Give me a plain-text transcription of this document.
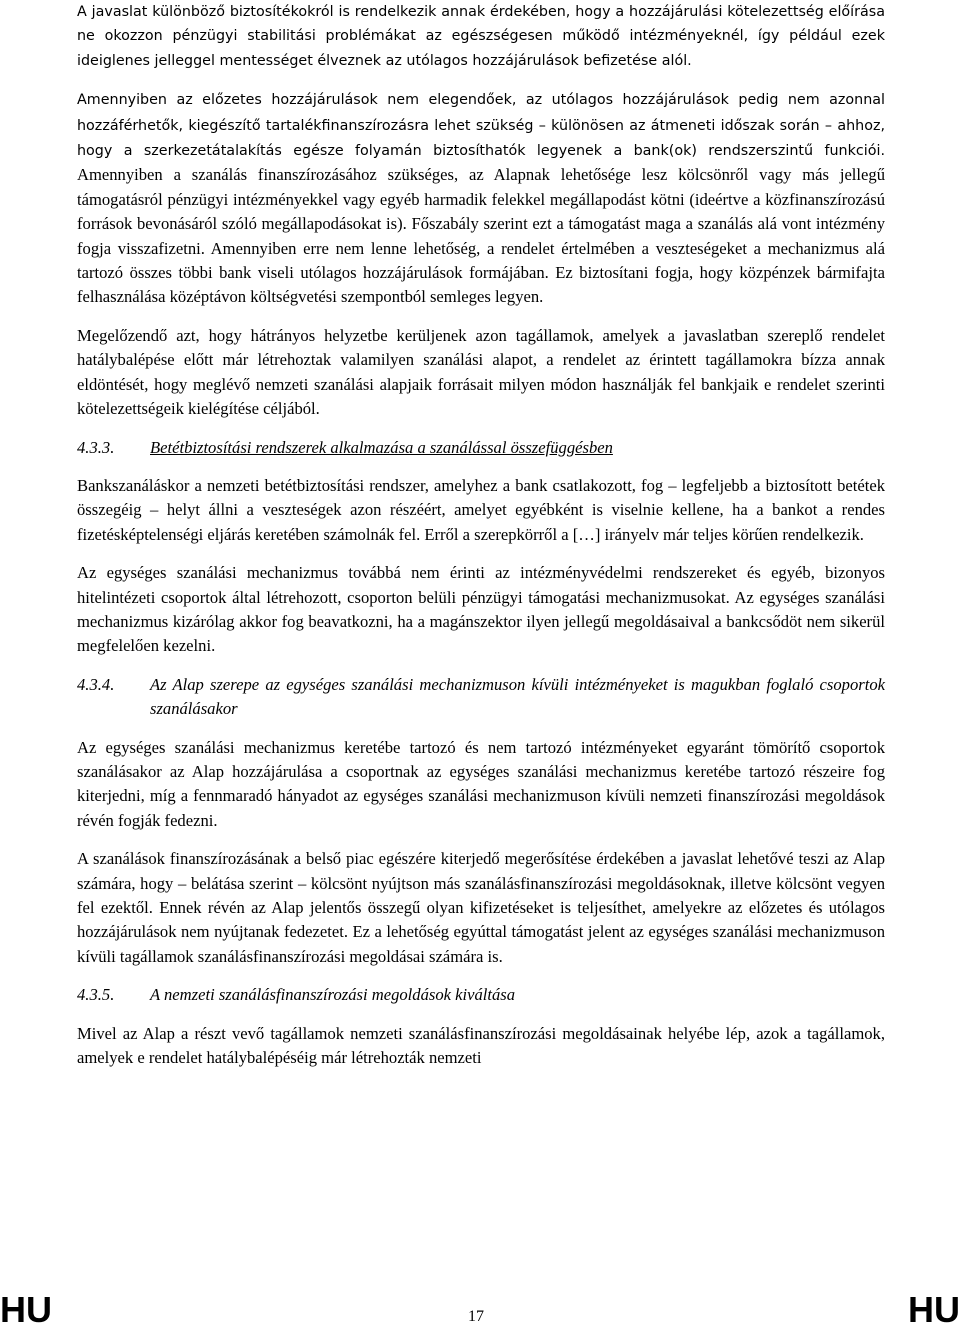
A javaslat különböző biztosítékokról is rendelkezik annak érdekében, hogy a hozzájárulási kötelezettség előírása ne okozzon pénzügyi stabilitási problémákat az egészségesen működő intézményeknél, így például ezek ideiglenes jelleggel mentességet élveznek az utólagos hozzájárulások befizetése alól.

Amennyiben az előzetes hozzájárulások nem elegendőek, az utólagos hozzájárulások pedig nem azonnal hozzáférhetők, kiegészítő tartalékfinanszírozásra lehet szükség – különösen az átmeneti időszak során – ahhoz, hogy a szerkezetátalakítás egésze folyamán biztosíthatók legyenek a bank(ok) rendszerszintű funkciói. Amennyiben a szanálás finanszírozásához szükséges, az Alapnak lehetősége lesz kölcsönről vagy más jellegű támogatásról pénzügyi intézményekkel vagy egyéb harmadik felekkel megállapodást kötni (ideértve a közfinanszírozású források bevonásáról szóló megállapodásokat is). Főszabály szerint ezt a támogatást maga a szanálás alá vont intézmény fogja visszafizetni. Amennyiben erre nem lenne lehetőség, a rendelet értelmében a veszteségeket a mechanizmus alá tartozó összes többi bank viseli utólagos hozzájárulások formájában. Ez biztosítani fogja, hogy közpénzek bármifajta felhasználása középtávon költségvetési szempontból semleges legyen.

Megelőzendő azt, hogy hátrányos helyzetbe kerüljenek azon tagállamok, amelyek a javaslatban szereplő rendelet hatálybalépése előtt már létrehoztak valamilyen szanálási alapot, a rendelet az érintett tagállamokra bízza annak eldöntését, hogy meglévő nemzeti szanálási alapjaik forrásait milyen módon használják fel bankjaik e rendelet szerinti kötelezettségeik kielégítése céljából.

4.3.3. Betétbiztosítási rendszerek alkalmazása a szanálással összefüggésben

Bankszanáláskor a nemzeti betétbiztosítási rendszer, amelyhez a bank csatlakozott, fog – legfeljebb a biztosított betétek összegéig – helyt állni a veszteségek azon részéért, amelyet egyébként is viselnie kellene, ha a bankot a rendes fizetésképtelenségi eljárás keretében számolnák fel. Erről a szerepkörről a […] irányelv már teljes körűen rendelkezik.

Az egységes szanálási mechanizmus továbbá nem érinti az intézményvédelmi rendszereket és egyéb, bizonyos hitelintézeti csoportok által létrehozott, csoporton belüli pénzügyi támogatási mechanizmusokat. Az egységes szanálási mechanizmus kizárólag akkor fog beavatkozni, ha a magánszektor ilyen jellegű megoldásaival a bankcsődöt nem sikerül megfelelően kezelni.

4.3.4. Az Alap szerepe az egységes szanálási mechanizmuson kívüli intézményeket is magukban foglaló csoportok szanálásakor

Az egységes szanálási mechanizmus keretébe tartozó és nem tartozó intézményeket egyaránt tömörítő csoportok szanálásakor az Alap hozzájárulása a csoportnak az egységes szanálási mechanizmus keretébe tartozó részeire fog kiterjedni, míg a fennmaradó hányadot az egységes szanálási mechanizmuson kívüli nemzeti finanszírozási megoldások révén fogják fedezni.

A szanálások finanszírozásának a belső piac egészére kiterjedő megerősítése érdekében a javaslat lehetővé teszi az Alap számára, hogy – belátása szerint – kölcsönt nyújtson más szanálásfinanszírozási megoldásoknak, illetve kölcsönt vegyen fel ezektől. Ennek révén az Alap jelentős összegű olyan kifizetéseket is teljesíthet, amelyekre az előzetes és utólagos hozzájárulások nem nyújtanak fedezetet. Ez a lehetőség egyúttal támogatást jelent az egységes szanálási mechanizmuson kívüli tagállamok szanálásfinanszírozási megoldásai számára is.

4.3.5. A nemzeti szanálásfinanszírozási megoldások kiváltása

Mivel az Alap a részt vevő tagállamok nemzeti szanálásfinanszírozási megoldásainak helyébe lép, azok a tagállamok, amelyek e rendelet hatálybalépéséig már létrehozták nemzeti

HU	17	HU
